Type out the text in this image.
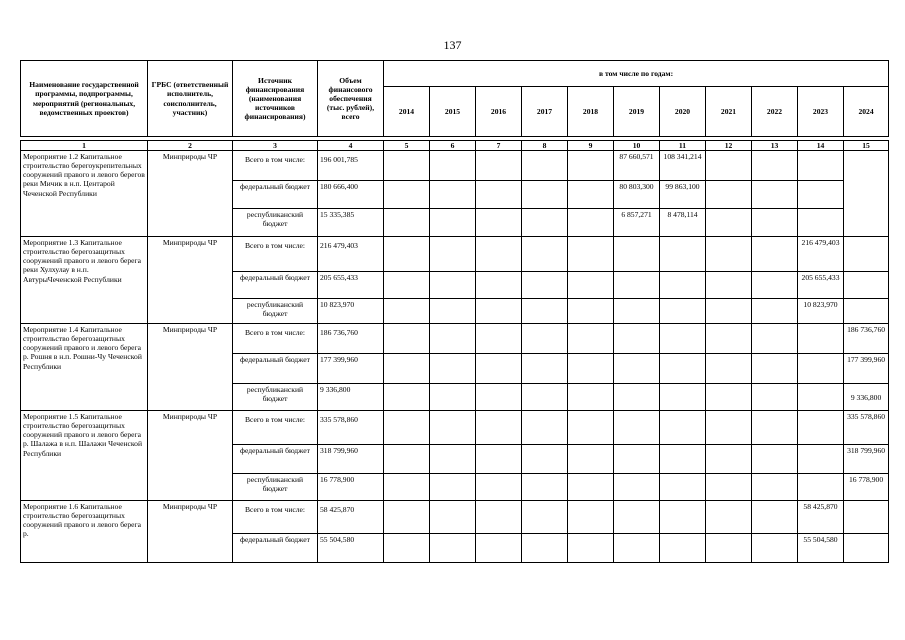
137
Наименование государственной программы, подпрограммы, мероприятий (региональных, ведомственных проектов)	ГРБС (ответственный исполнитель, соисполнитель, участник)	Источник финансирования (наименования источников финансирования)	Объем финансового обеспечения (тыс. рублей), всего	в том числе по годам:										
				2014	2015	2016	2017	2018	2019	2020	2021	2022	2023	2024

1	2	3	4	5	6	7	8	9	10	11	12	13	14	15
Мероприятие 1.2 Капитальное строительство берегоукрепительных сооружений правого и левого берегов реки Мичик в н.п. Центарой Чеченской Республики	Минприроды ЧР	Всего в том числе:	196 001,785						87 660,571	108 341,214				
		федеральный бюджет	180 666,400						80 803,300	99 863,100				
		республиканский бюджет	15 335,385						6 857,271	8 478,114				
Мероприятие 1.3 Капитальное строительство берегозащитных сооружений правого и левого берега реки Хулхулау в н.п. АвтурыЧеченской Республики	Минприроды ЧР	Всего в том числе:	216 479,403										216 479,403	
		федеральный бюджет	205 655,433										205 655,433	
		республиканский бюджет	10 823,970										10 823,970	
Мероприятие 1.4 Капитальное строительство берегозащитных сооружений правого и левого берега р. Рошня в н.п. Рошни-Чу Чеченской Республики	Минприроды ЧР	Всего в том числе:	186 736,760											186 736,760
		федеральный бюджет	177 399,960											177 399,960
		республиканский бюджет	9 336,800											9 336,800
Мероприятие 1.5 Капитальное строительство берегозащитных сооружений правого и левого берега р. Шалажа в н.п. Шалажи Чеченской Республики	Минприроды ЧР	Всего в том числе:	335 578,860											335 578,860
		федеральный бюджет	318 799,960											318 799,960
		республиканский бюджет	16 778,900											16 778,900
Мероприятие 1.6 Капитальное строительство берегозащитных сооружений правого и левого берега р.	Минприроды ЧР	Всего в том числе:	58 425,870										58 425,870	
		федеральный бюджет	55 504,580										55 504,580	
